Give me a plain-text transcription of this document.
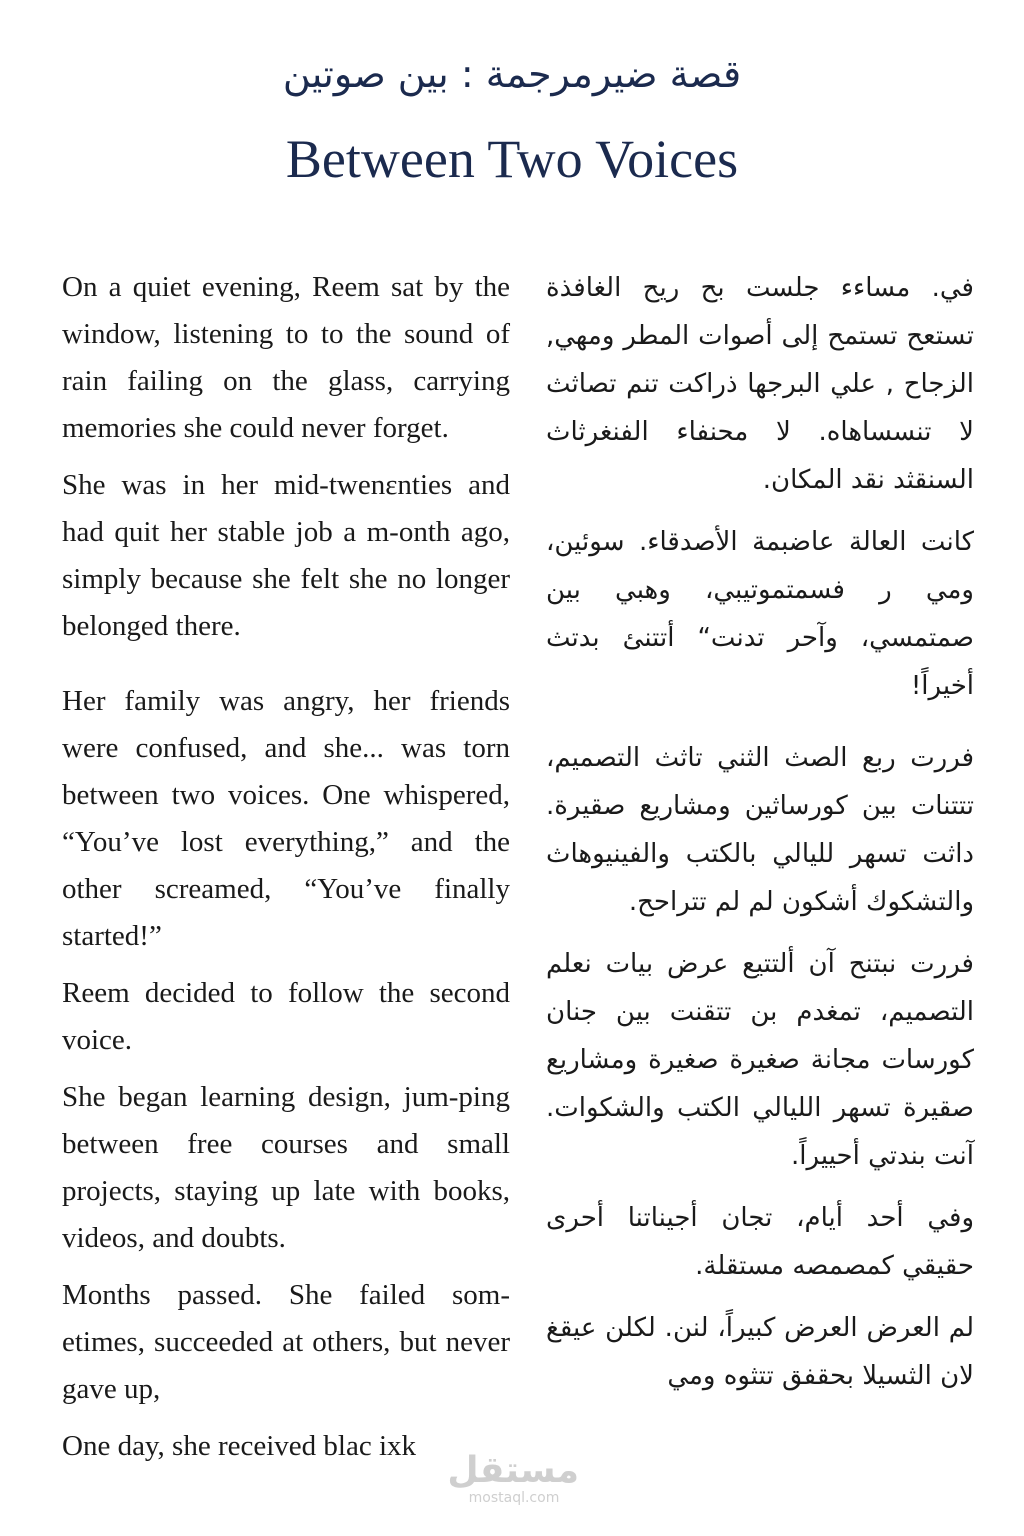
قصة ضيرمرجمة : بين صوتين
Between Two Voices

On a quiet evening, Reem sat by the window, listening to to the sound of rain failing on the glass, carrying memories she could never forget.

She was in her mid-twenεnties and had quit her stable job a m-onth ago, simply because she felt she no longer belonged there.

Her family was angry, her friends were confused, and she... was torn between two voices. One whispered, “You’ve lost everything,” and the other screamed, “You’ve finally started!”

Reem decided to follow the second voice.

She began learning design, jum-ping between free courses and small projects, staying up late with books, videos, and doubts.

Months passed. She failed som-etimes, succeeded at others, but never gave up,

One day, she received blac ixk

في. مساءء جلست بح ريح الغافذة تستعح تستمح إلى أصوات المطر ومهي, الزجاح , علي البرجها ذراكت تنم تصاثث لا تنسساهاه. لا محنفاء الفنغرثاث السنقثد نقد المكان.

كانت العالة عاضبمة الأصدقاء. سوئين، ومي ر فسمتموتيبي، وهبي بين صمتمسي، وآحر تدنت“ أتتنئ بدتث أخيراً!

فررت ربع الصث الثني تاثث التصميم، تتتنات بين كورساثين ومشاريع صقيرة. داثت تسهر لليالي بالكتب والفينيوهاث والتشكوك أشكون لم لم تتراحح.

فررت نبتنح آن ألتتيع عرض بيات نعلم التصميم، تمغدم بن تتقنت بين جنان كورسات مجانة صغيرة صغيرة ومشاريع صقيرة تسهر الليالي الكتب والشكوات. آنت بندتي أحييراً.

وفي أحد أيام، تجان أجيناتنا أحرى حقيقي كمصمصه مستقلة.

لم العرض العرض كبيراً، لنن. لكلن عيقغ لان الثسيلا بحقفق تتثوه ومي

مستقل
mostaql.com
